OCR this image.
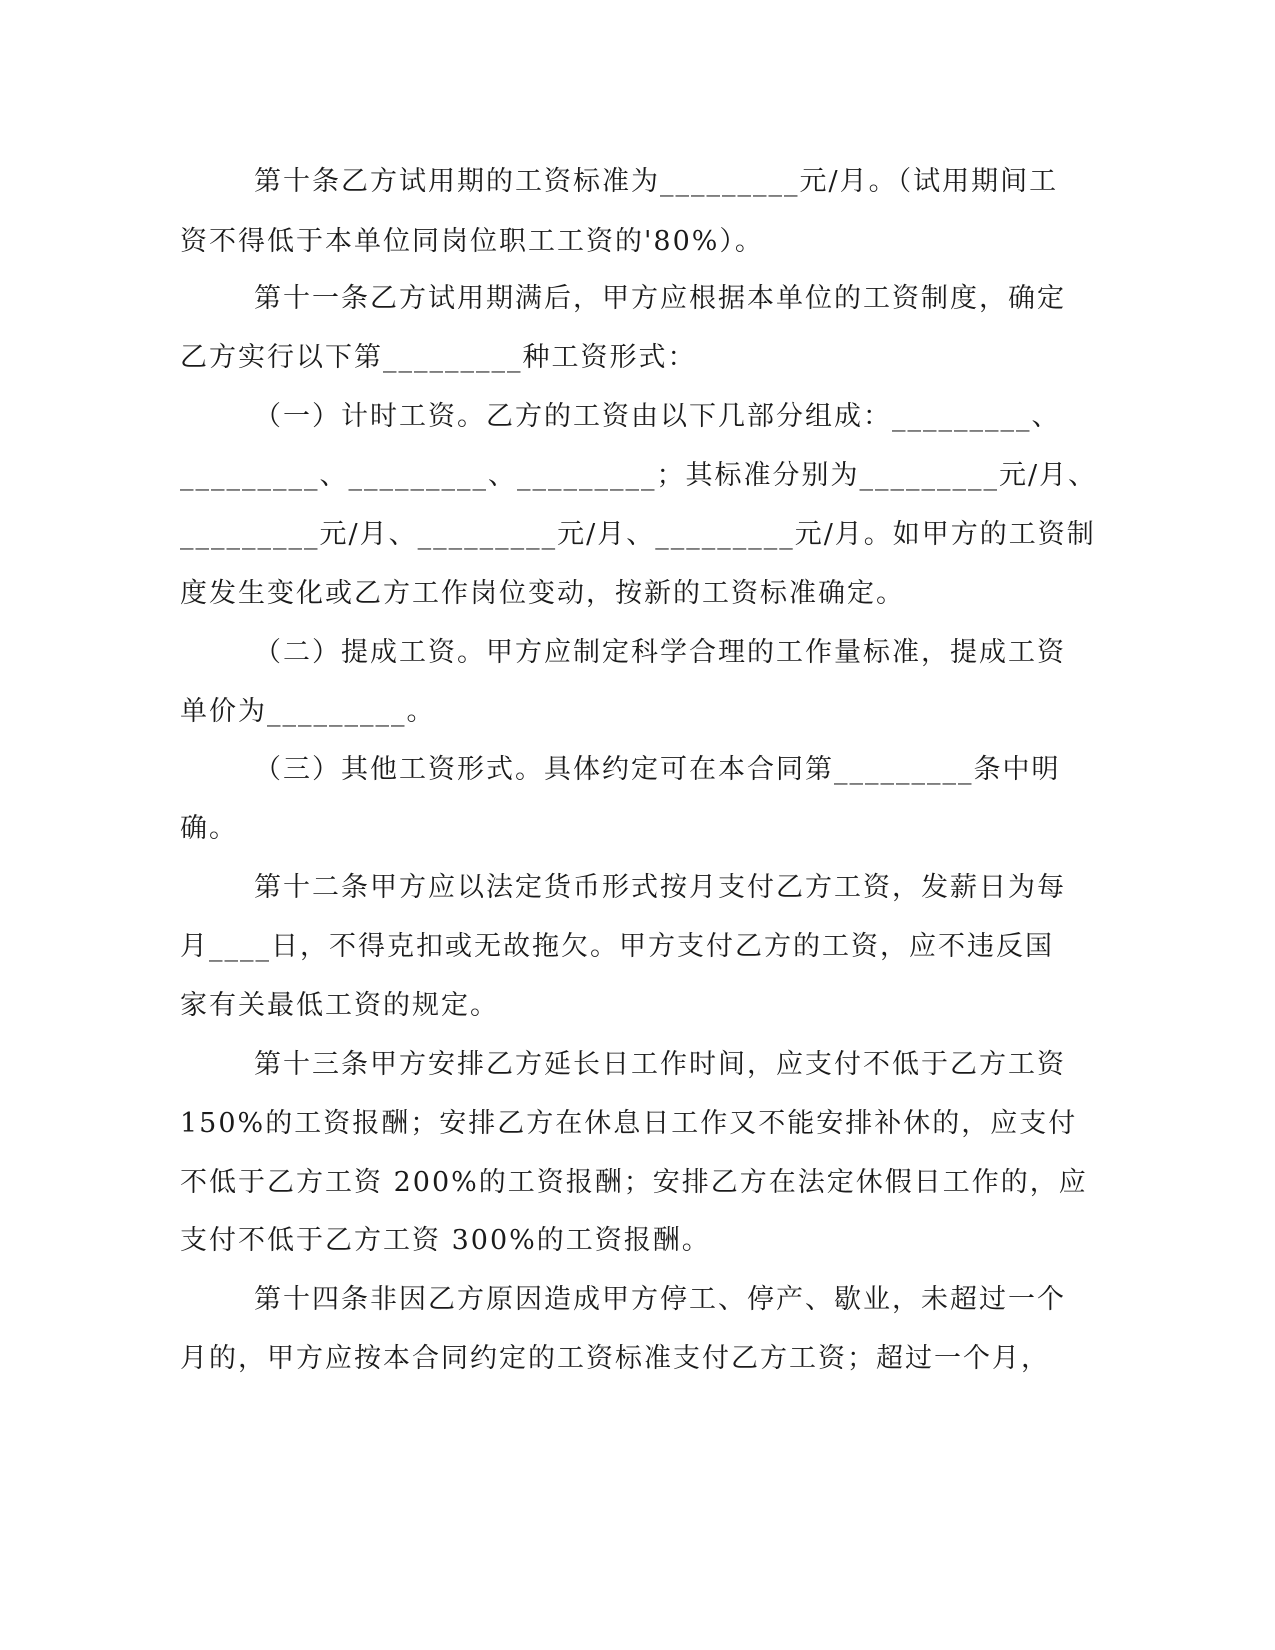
第十条乙方试用期的工资标准为_________元/月。（试用期间工
资不得低于本单位同岗位职工工资的'80%）。
第十一条乙方试用期满后，甲方应根据本单位的工资制度，确定
乙方实行以下第_________种工资形式：
（一）计时工资。乙方的工资由以下几部分组成：_________、
_________、_________、_________；其标准分别为_________元/月、
_________元/月、_________元/月、_________元/月。如甲方的工资制
度发生变化或乙方工作岗位变动，按新的工资标准确定。
（二）提成工资。甲方应制定科学合理的工作量标准，提成工资
单价为_________。
（三）其他工资形式。具体约定可在本合同第_________条中明
确。
第十二条甲方应以法定货币形式按月支付乙方工资，发薪日为每
月____日，不得克扣或无故拖欠。甲方支付乙方的工资，应不违反国
家有关最低工资的规定。
第十三条甲方安排乙方延长日工作时间，应支付不低于乙方工资
150%的工资报酬；安排乙方在休息日工作又不能安排补休的，应支付
不低于乙方工资 200%的工资报酬；安排乙方在法定休假日工作的，应
支付不低于乙方工资 300%的工资报酬。
第十四条非因乙方原因造成甲方停工、停产、歇业，未超过一个
月的，甲方应按本合同约定的工资标准支付乙方工资；超过一个月，
